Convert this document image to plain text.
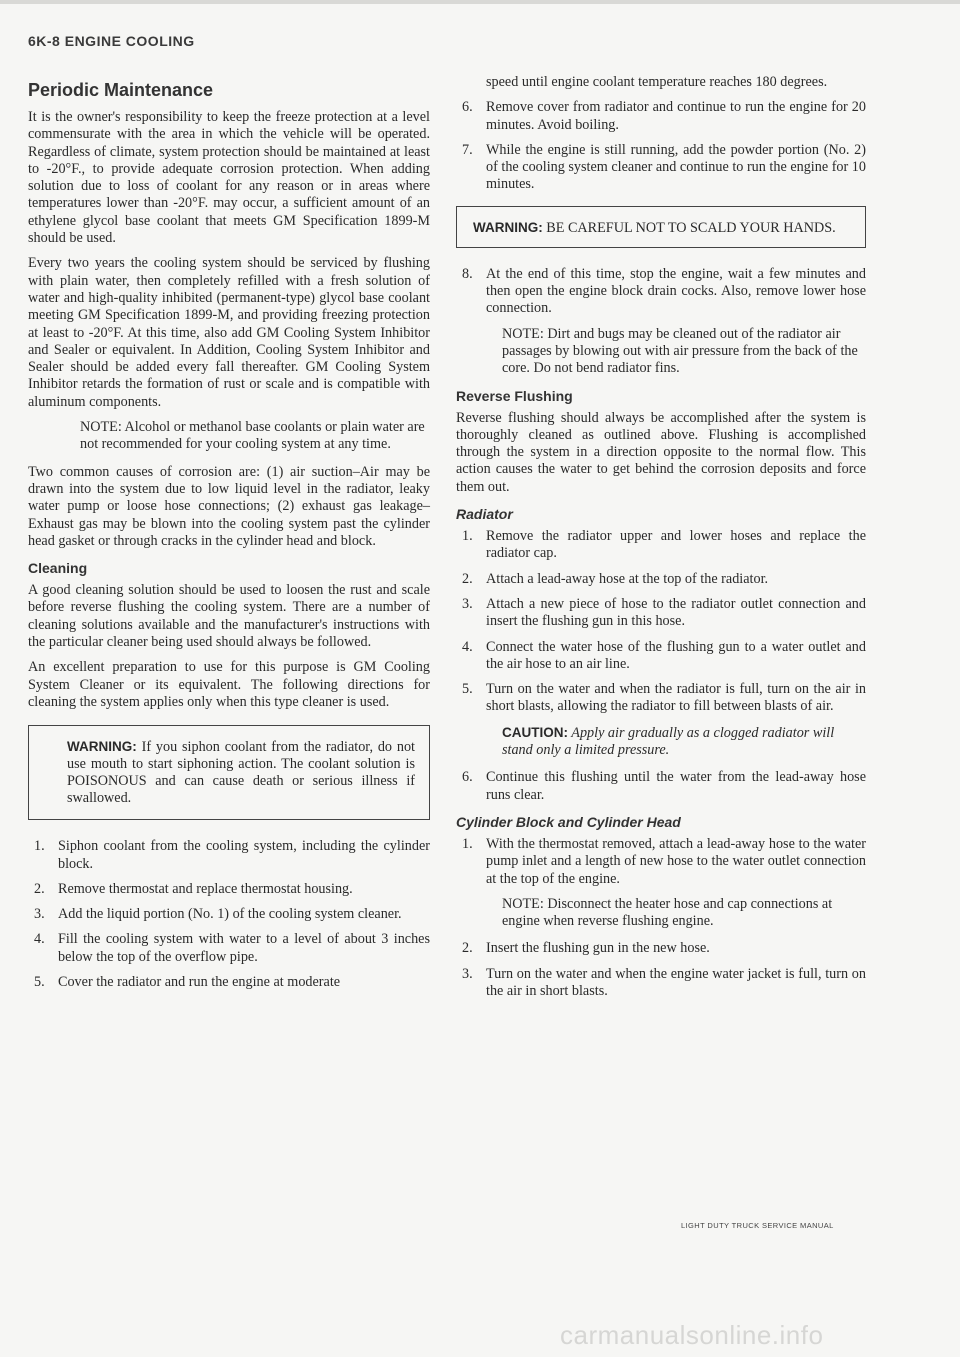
6K-8 ENGINE COOLING
Periodic Maintenance

It is the owner's responsibility to keep the freeze protection at a level commensurate with the area in which the vehicle will be operated. Regardless of climate, system protection should be maintained at least to -20°F., to provide adequate corrosion protection. When adding solution due to loss of coolant for any reason or in areas where temperatures lower than -20°F. may occur, a sufficient amount of an ethylene glycol base coolant that meets GM Specification 1899-M should be used.

Every two years the cooling system should be serviced by flushing with plain water, then completely refilled with a fresh solution of water and high-quality inhibited (permanent-type) glycol base coolant meeting GM Specification 1899-M, and providing freezing protection at least to -20°F. At this time, also add GM Cooling System Inhibitor and Sealer or equivalent. In Addition, Cooling System Inhibitor and Sealer should be added every fall thereafter. GM Cooling System Inhibitor retards the formation of rust or scale and is compatible with aluminum components.

NOTE: Alcohol or methanol base coolants or plain water are not recommended for your cooling system at any time.

Two common causes of corrosion are: (1) air suction–Air may be drawn into the system due to low liquid level in the radiator, leaky water pump or loose hose connections; (2) exhaust gas leakage– Exhaust gas may be blown into the cooling system past the cylinder head gasket or through cracks in the cylinder head and block.

Cleaning

A good cleaning solution should be used to loosen the rust and scale before reverse flushing the cooling system. There are a number of cleaning solutions available and the manufacturer's instructions with the particular cleaner being used should always be followed.

An excellent preparation to use for this purpose is GM Cooling System Cleaner or its equivalent. The following directions for cleaning the system applies only when this type cleaner is used.

WARNING: If you siphon coolant from the radiator, do not use mouth to start siphoning action. The coolant solution is POISONOUS and can cause death or serious illness if swallowed.
1. Siphon coolant from the cooling system, including the cylinder block.
2. Remove thermostat and replace thermostat housing.
3. Add the liquid portion (No. 1) of the cooling system cleaner.
4. Fill the cooling system with water to a level of about 3 inches below the top of the overflow pipe.
5. Cover the radiator and run the engine at moderate

speed until engine coolant temperature reaches 180 degrees.

6. Remove cover from radiator and continue to run the engine for 20 minutes. Avoid boiling.
7. While the engine is still running, add the powder portion (No. 2) of the cooling system cleaner and continue to run the engine for 10 minutes.
WARNING: BE CAREFUL NOT TO SCALD YOUR HANDS.
8. At the end of this time, stop the engine, wait a few minutes and then open the engine block drain cocks. Also, remove lower hose connection.
NOTE: Dirt and bugs may be cleaned out of the radiator air passages by blowing out with air pressure from the back of the core. Do not bend radiator fins.
Reverse Flushing

Reverse flushing should always be accomplished after the system is thoroughly cleaned as outlined above. Flushing is accomplished through the system in a direction opposite to the normal flow. This action causes the water to get behind the corrosion deposits and force them out.

Radiator
1. Remove the radiator upper and lower hoses and replace the radiator cap.
2. Attach a lead-away hose at the top of the radiator.
3. Attach a new piece of hose to the radiator outlet connection and insert the flushing gun in this hose.
4. Connect the water hose of the flushing gun to a water outlet and the air hose to an air line.
5. Turn on the water and when the radiator is full, turn on the air in short blasts, allowing the radiator to fill between blasts of air.
CAUTION: Apply air gradually as a clogged radiator will stand only a limited pressure.
6. Continue this flushing until the water from the lead-away hose runs clear.
Cylinder Block and Cylinder Head
1. With the thermostat removed, attach a lead-away hose to the water pump inlet and a length of new hose to the water outlet connection at the top of the engine.
NOTE: Disconnect the heater hose and cap connections at engine when reverse flushing engine.
2. Insert the flushing gun in the new hose.
3. Turn on the water and when the engine water jacket is full, turn on the air in short blasts.
LIGHT DUTY TRUCK SERVICE MANUAL
carmanualsonline.info
